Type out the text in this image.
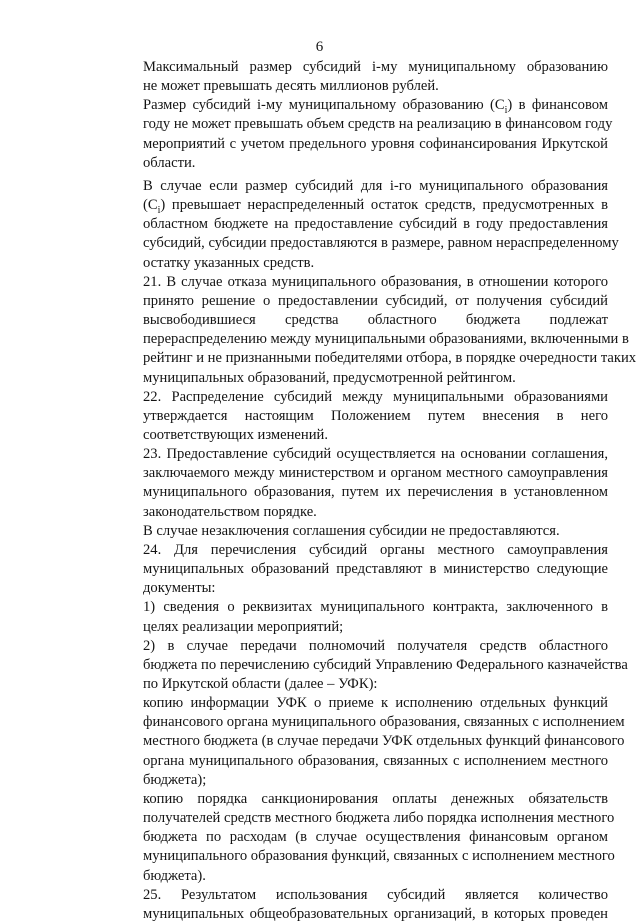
6
Максимальный размер субсидий i-му муниципальному образованию
не может превышать десять миллионов рублей.
Размер субсидий i-му муниципальному образованию $(C_i)$ в финансовом
году не может превышать объем средств на реализацию в финансовом году
мероприятий с учетом предельного уровня софинансирования Иркутской
области.
В случае если размер субсидий для i-го муниципального образования
$(C_i)$ превышает нераспределенный остаток средств, предусмотренных в
областном бюджете на предоставление субсидий в году предоставления
субсидий, субсидии предоставляются в размере, равном нераспределенному
остатку указанных средств.
21. В случае отказа муниципального образования, в отношении которого
принято решение о предоставлении субсидий, от получения субсидий
высвободившиеся средства областного бюджета подлежат
перераспределению между муниципальными образованиями, включенными в
рейтинг и не признанными победителями отбора, в порядке очередности таких
муниципальных образований, предусмотренной рейтингом.
22. Распределение субсидий между муниципальными образованиями
утверждается настоящим Положением путем внесения в него
соответствующих изменений.
23. Предоставление субсидий осуществляется на основании соглашения,
заключаемого между министерством и органом местного самоуправления
муниципального образования, путем их перечисления в установленном
законодательством порядке.
В случае незаключения соглашения субсидии не предоставляются.
24. Для перечисления субсидий органы местного самоуправления
муниципальных образований представляют в министерство следующие
документы:
1) сведения о реквизитах муниципального контракта, заключенного в
целях реализации мероприятий;
2) в случае передачи полномочий получателя средств областного
бюджета по перечислению субсидий Управлению Федерального казначейства
по Иркутской области (далее – УФК):
копию информации УФК о приеме к исполнению отдельных функций
финансового органа муниципального образования, связанных с исполнением
местного бюджета (в случае передачи УФК отдельных функций финансового
органа муниципального образования, связанных с исполнением местного
бюджета);
копию порядка санкционирования оплаты денежных обязательств
получателей средств местного бюджета либо порядка исполнения местного
бюджета по расходам (в случае осуществления финансовым органом
муниципального образования функций, связанных с исполнением местного
бюджета).
25. Результатом использования субсидий является количество
муниципальных общеобразовательных организаций, в которых проведен
